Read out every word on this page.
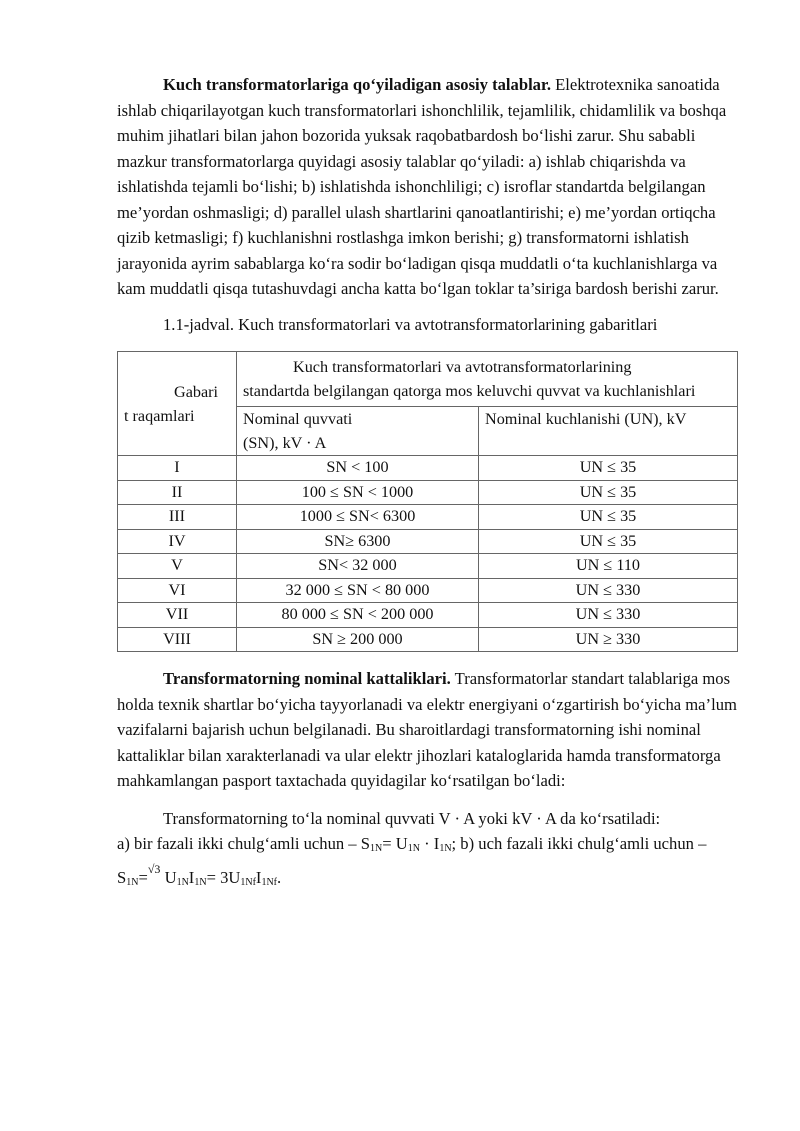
Kuch transformatorlariga qo‘yiladigan asosiy talablar. Elektrotexnika sanoatida ishlab chiqarilayotgan kuch transformatorlari ishonchlilik, tejamlilik, chidamlilik va boshqa muhim jihatlari bilan jahon bozorida yuksak raqobatbardosh bo‘lishi zarur. Shu sababli mazkur transformatorlarga quyidagi asosiy talablar qo‘yiladi: a) ishlab chiqarishda va ishlatishda tejamli bo‘lishi; b) ishlatishda ishonchliligi; c) isroflar standartda belgilangan me’yordan oshmasligi; d) parallel ulash shartlarini qanoatlantirishi; e) me’yordan ortiqcha qizib ketmasligi; f) kuchlanishni rostlashga imkon berishi; g) transformatorni ishlatish jarayonida ayrim sabablarga ko‘ra sodir bo‘ladigan qisqa muddatli o‘ta kuchlanishlarga va kam muddatli qisqa tutashuvdagi ancha katta bo‘lgan toklar ta’siriga bardosh berishi zarur.

1.1-jadval. Kuch transformatorlari va avtotransformatorlarining gabaritlari

Gabari
t raqamlari	Kuch transformatorlari va avtotransformatorlarining
standartda belgilangan qatorga mos keluvchi quvvat va kuchlanishlari	

	Nominal quvvati
(SN), kV · A	Nominal kuchlanishi (UN), kV
I	SN < 100	UN ≤ 35
II	100 ≤ SN < 1000	UN ≤ 35
III	1000 ≤ SN< 6300	UN ≤ 35
IV	SN≥ 6300	UN ≤ 35
V	SN< 32 000	UN ≤ 110
VI	32 000 ≤ SN < 80 000	UN ≤ 330
VII	80 000 ≤ SN < 200 000	UN ≤ 330
VIII	SN ≥ 200 000	UN ≥ 330

Transformatorning nominal kattaliklari. Transformatorlar standart talablariga mos holda texnik shartlar bo‘yicha tayyorlanadi va elektr energiyani o‘zgartirish bo‘yicha ma’lum vazifalarni bajarish uchun belgilanadi. Bu sharoitlardagi transformatorning ishi nominal kattaliklar bilan xarakterlanadi va ular elektr jihozlari kataloglarida hamda transformatorga mahkamlangan pasport taxtachada quyidagilar ko‘rsatilgan bo‘ladi:

Transformatorning to‘la nominal quvvati V · A yoki kV · A da ko‘rsatiladi:

a) bir fazali ikki chulg‘amli uchun – $S_{1N}= U_{1N} \cdot I_{1N}$; b) uch fazali ikki chulg‘amli uchun – $S_{1N}=^{√3}$ $U_{1N}I_{1N}= 3U_{1Nf}I_{1Nf}$.
